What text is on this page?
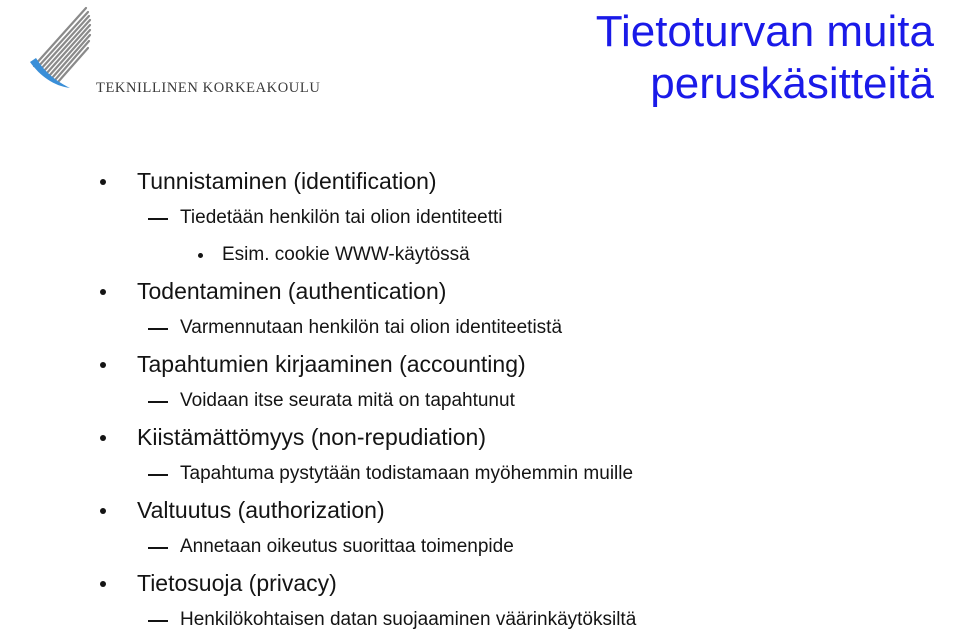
TEKNILLINEN KORKEAKOULU
Tietoturvan muita
peruskäsitteitä
Tunnistaminen (identification)
Tiedetään henkilön tai olion identiteetti
Esim. cookie WWW-käytössä
Todentaminen (authentication)
Varmennutaan henkilön tai olion identiteetistä
Tapahtumien kirjaaminen (accounting)
Voidaan itse seurata mitä on tapahtunut
Kiistämättömyys (non-repudiation)
Tapahtuma pystytään todistamaan myöhemmin muille
Valtuutus (authorization)
Annetaan oikeutus suorittaa toimenpide
Tietosuoja (privacy)
Henkilökohtaisen datan suojaaminen väärinkäytöksiltä
